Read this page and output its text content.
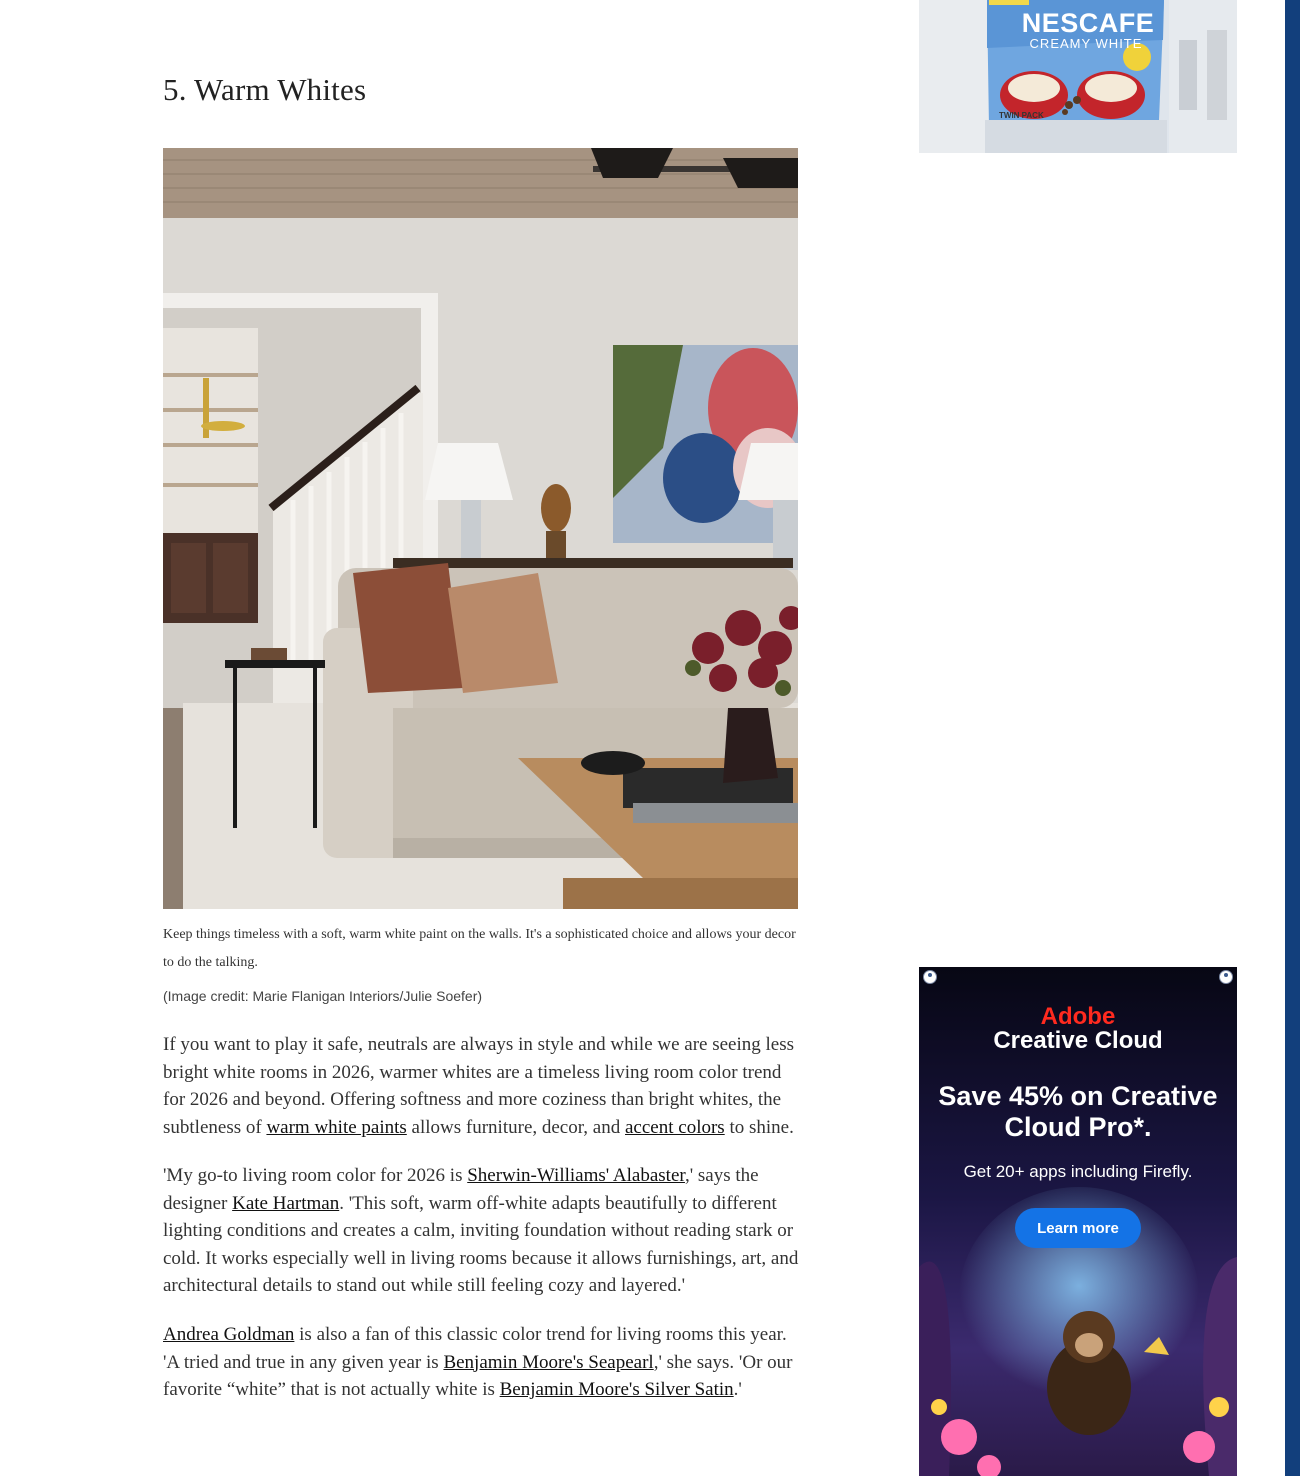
5. Warm Whites
Keep things timeless with a soft, warm white paint on the walls. It's a sophisticated choice and allows your decor to do the talking.
(Image credit: Marie Flanigan Interiors/Julie Soefer)

If you want to play it safe, neutrals are always in style and while we are seeing less bright white rooms in 2026, warmer whites are a timeless living room color trend for 2026 and beyond. Offering softness and more coziness than bright whites, the subtleness of warm white paints allows furniture, decor, and accent colors to shine.

'My go-to living room color for 2026 is Sherwin-Williams' Alabaster,' says the designer Kate Hartman. 'This soft, warm off-white adapts beautifully to different lighting conditions and creates a calm, inviting foundation without reading stark or cold. It works especially well in living rooms because it allows furnishings, art, and architectural details to stand out while still feeling cozy and layered.'

Andrea Goldman is also a fan of this classic color trend for living rooms this year. 'A tried and true in any given year is Benjamin Moore's Seapearl,' she says. 'Or our favorite “white” that is not actually white is Benjamin Moore's Silver Satin.'

NESCAFE
CREAMY WHITE
TWIN PACK
Adobe
Creative Cloud
Save 45% on Creative Cloud Pro*.
Get 20+ apps including Firefly.
Learn more
